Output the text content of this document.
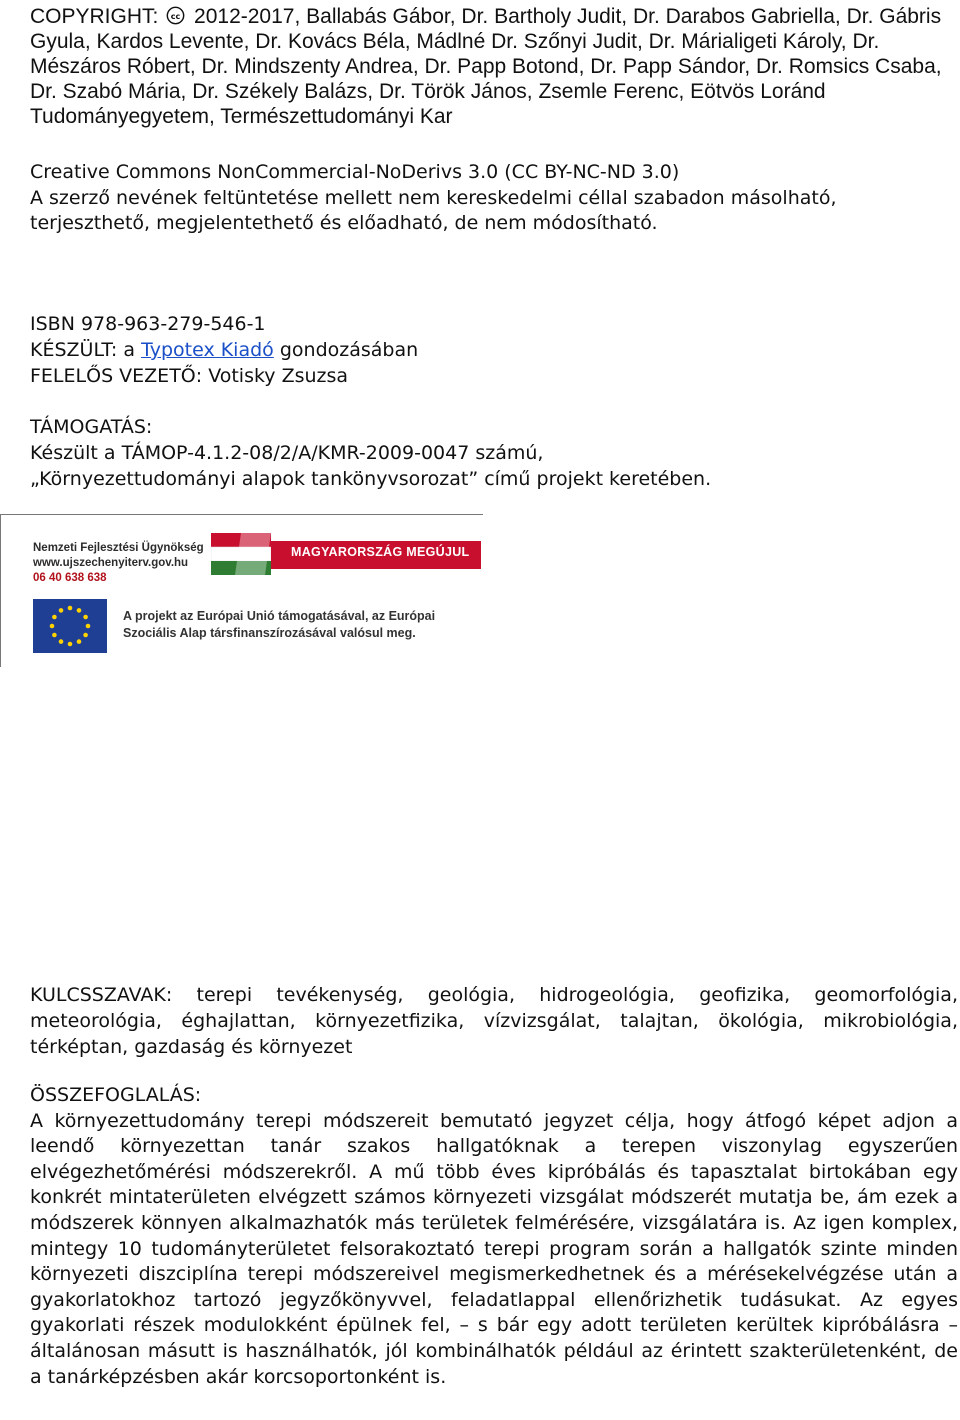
COPYRIGHT: cc 2012-2017, Ballabás Gábor, Dr. Bartholy Judit, Dr. Darabos Gabriella, Dr. Gábris Gyula, Kardos Levente, Dr. Kovács Béla, Mádlné Dr. Szőnyi Judit, Dr. Márialigeti Károly, Dr. Mészáros Róbert, Dr. Mindszenty Andrea, Dr. Papp Botond, Dr. Papp Sándor, Dr. Romsics Csaba, Dr. Szabó Mária, Dr. Székely Balázs, Dr. Török János, Zsemle Ferenc, Eötvös Loránd Tudományegyetem, Természettudományi Kar
Creative Commons NonCommercial-NoDerivs 3.0 (CC BY-NC-ND 3.0)
A szerző nevének feltüntetése mellett nem kereskedelmi céllal szabadon másolható, terjeszthető, megjelentethető és előadható, de nem módosítható.
ISBN 978-963-279-546-1
KÉSZÜLT: a Typotex Kiadó gondozásában
FELELŐS VEZETŐ: Votisky Zsuzsa
TÁMOGATÁS:
Készült a TÁMOP-4.1.2-08/2/A/KMR-2009-0047 számú,
„Környezettudományi alapok tankönyvsorozat” című projekt keretében.
Nemzeti Fejlesztési Ügynökség
www.ujszechenyiterv.gov.hu
06 40 638 638
MAGYARORSZÁG MEGÚJUL
A projekt az Európai Unió támogatásával, az Európai
Szociális Alap társfinanszírozásával valósul meg.
KULCSSZAVAK: terepi tevékenység, geológia, hidrogeológia, geofizika, geomorfológia, meteorológia, éghajlattan, környezetfizika, vízvizsgálat, talajtan, ökológia, mikrobiológia, térképtan, gazdaság és környezet
ÖSSZEFOGLALÁS:
A környezettudomány terepi módszereit bemutató jegyzet célja, hogy átfogó képet adjon a leendő környezettan tanár szakos hallgatóknak a terepen viszonylag egyszerűen elvégezhetőmérési módszerekről. A mű több éves kipróbálás és tapasztalat birtokában egy konkrét mintaterületen elvégzett számos környezeti vizsgálat módszerét mutatja be, ám ezek a módszerek könnyen alkalmazhatók más területek felmérésére, vizsgálatára is. Az igen komplex, mintegy 10 tudományterületet felsorakoztató terepi program során a hallgatók szinte minden környezeti diszciplína terepi módszereivel megismerkedhetnek és a mérésekelvégzése után a gyakorlatokhoz tartozó jegyzőkönyvvel, feladatlappal ellenőrizhetik tudásukat. Az egyes gyakorlati részek modulokként épülnek fel, – s bár egy adott területen kerültek kipróbálásra – általánosan másutt is használhatók, jól kombinálhatók például az érintett szakterületenként, de a tanárképzésben akár korcsoportonként is.
